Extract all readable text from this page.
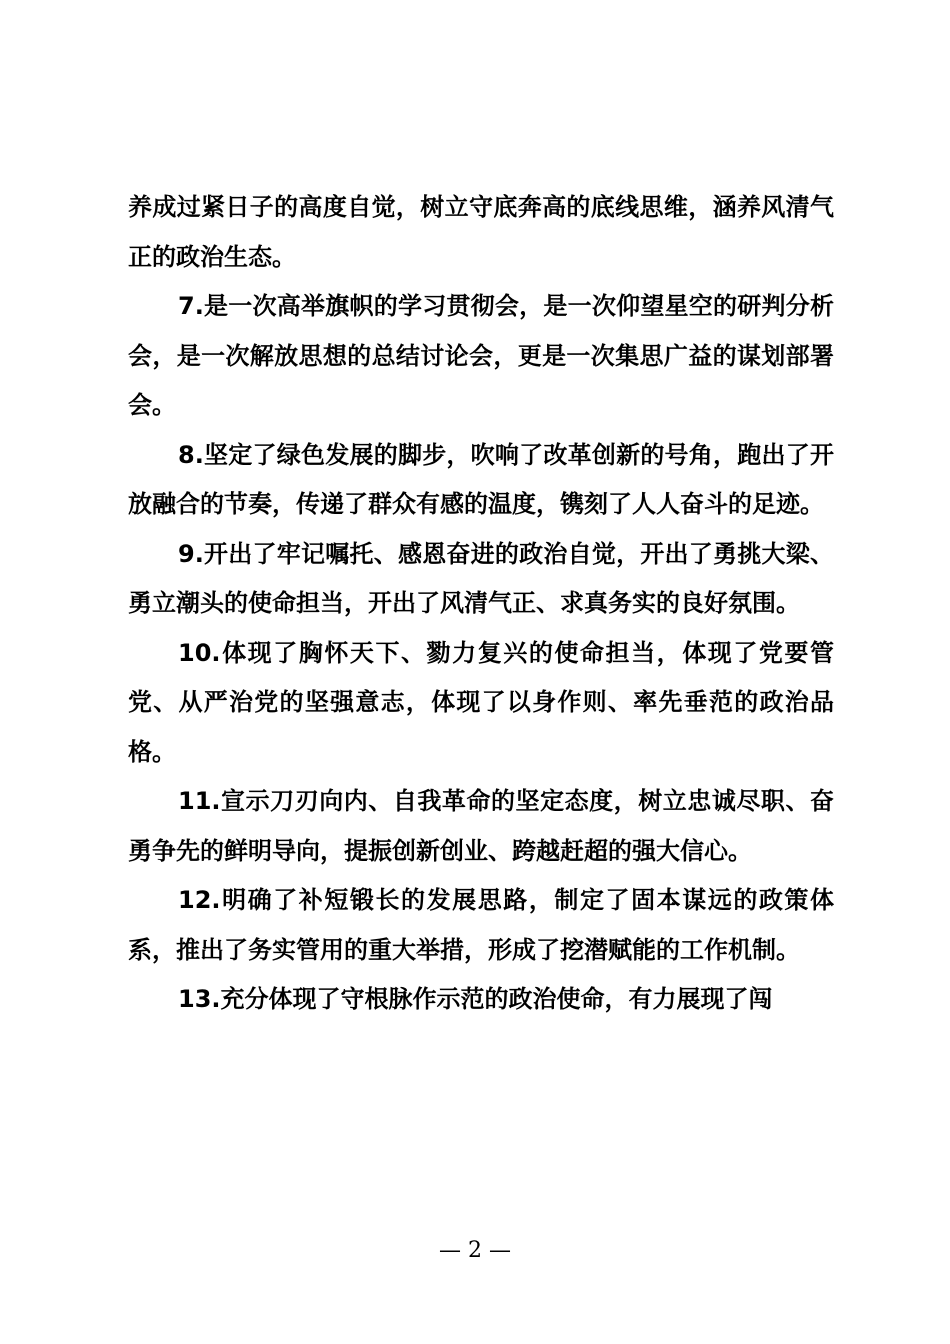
养成过紧日子的高度自觉，树立守底奔高的底线思维，涵养风清气正的政治生态。

7.是一次高举旗帜的学习贯彻会，是一次仰望星空的研判分析会，是一次解放思想的总结讨论会，更是一次集思广益的谋划部署会。

8.坚定了绿色发展的脚步，吹响了改革创新的号角，跑出了开放融合的节奏，传递了群众有感的温度，镌刻了人人奋斗的足迹。

9.开出了牢记嘱托、感恩奋进的政治自觉，开出了勇挑大梁、勇立潮头的使命担当，开出了风清气正、求真务实的良好氛围。

10.体现了胸怀天下、勠力复兴的使命担当，体现了党要管党、从严治党的坚强意志，体现了以身作则、率先垂范的政治品格。

11.宣示刀刃向内、自我革命的坚定态度，树立忠诚尽职、奋勇争先的鲜明导向，提振创新创业、跨越赶超的强大信心。

12.明确了补短锻长的发展思路，制定了固本谋远的政策体系，推出了务实管用的重大举措，形成了挖潜赋能的工作机制。

13.充分体现了守根脉作示范的政治使命，有力展现了闯

— 2 —
